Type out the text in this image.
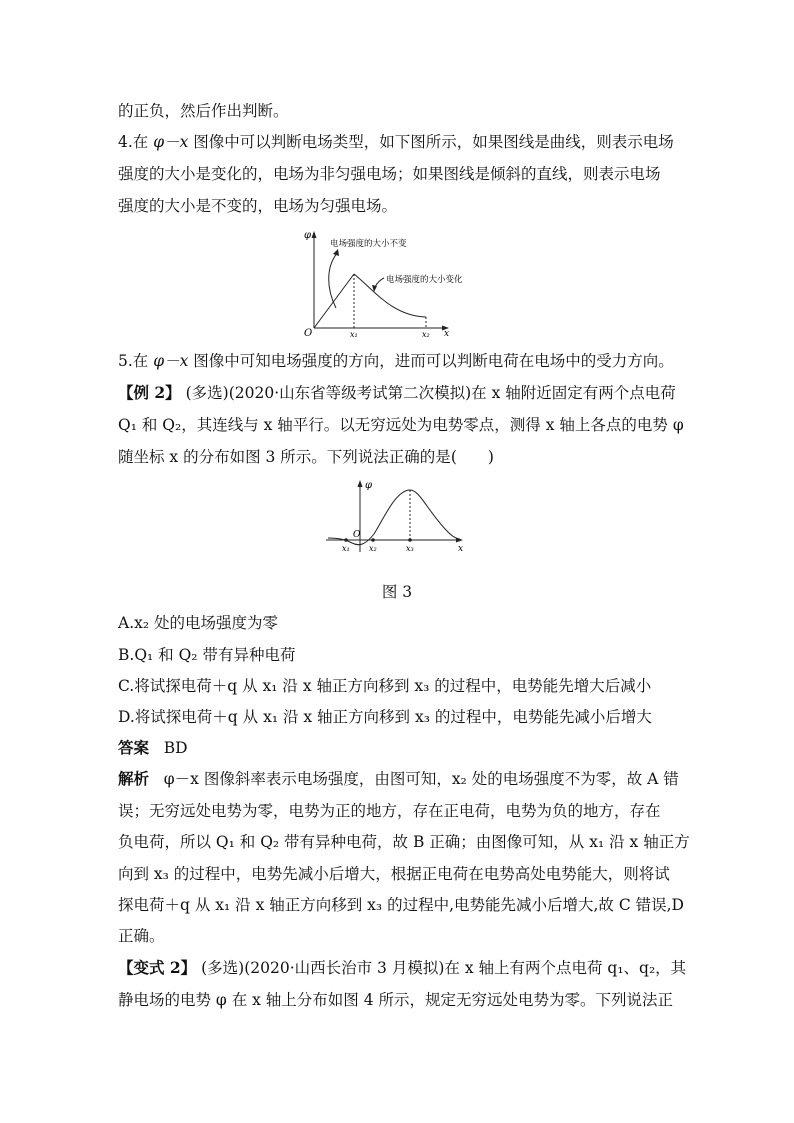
的正负，然后作出判断。
4.在 φ－x 图像中可以判断电场类型，如下图所示，如果图线是曲线，则表示电场
强度的大小是变化的，电场为非匀强电场；如果图线是倾斜的直线，则表示电场
强度的大小是不变的，电场为匀强电场。
φ
O	x
x₁	x₂
电场强度的大小不变
电场强度的大小变化
5.在 φ－x 图像中可知电场强度的方向，进而可以判断电荷在电场中的受力方向。
【例 2】 (多选)(2020·山东省等级考试第二次模拟)在 x 轴附近固定有两个点电荷
Q₁ 和 Q₂，其连线与 x 轴平行。以无穷远处为电势零点，测得 x 轴上各点的电势 φ
随坐标 x 的分布如图 3 所示。下列说法正确的是(　　)
φ
O
x
x₁ x₂	x₃
图 3
A.x₂ 处的电场强度为零
B.Q₁ 和 Q₂ 带有异种电荷
C.将试探电荷＋q 从 x₁ 沿 x 轴正方向移到 x₃ 的过程中，电势能先增大后减小
D.将试探电荷＋q 从 x₁ 沿 x 轴正方向移到 x₃ 的过程中，电势能先减小后增大
答案 BD
解析 φ－x 图像斜率表示电场强度，由图可知，x₂ 处的电场强度不为零，故 A 错
误；无穷远处电势为零，电势为正的地方，存在正电荷，电势为负的地方，存在
负电荷，所以 Q₁ 和 Q₂ 带有异种电荷，故 B 正确；由图像可知，从 x₁ 沿 x 轴正方
向到 x₃ 的过程中，电势先减小后增大，根据正电荷在电势高处电势能大，则将试
探电荷＋q 从 x₁ 沿 x 轴正方向移到 x₃ 的过程中,电势能先减小后增大,故 C 错误,D
正确。
【变式 2】 (多选)(2020·山西长治市 3 月模拟)在 x 轴上有两个点电荷 q₁、q₂，其
静电场的电势 φ 在 x 轴上分布如图 4 所示，规定无穷远处电势为零。下列说法正
